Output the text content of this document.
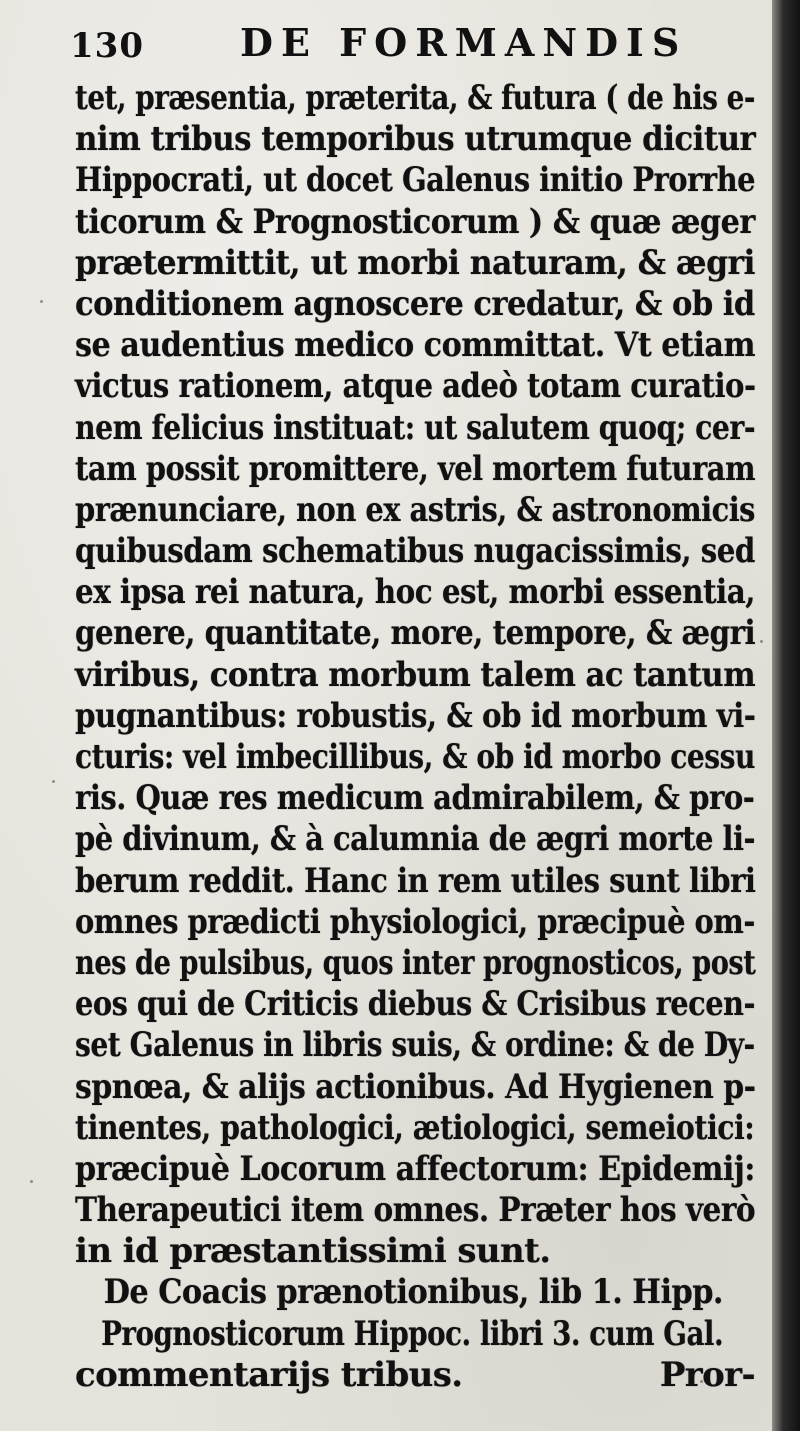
130	DE FORMANDIS
tet, præsentia, præterita, & futura ( de his e-
nim tribus temporibus utrumque dicitur
Hippocrati, ut docet Galenus initio Prorrhe
ticorum & Prognosticorum ) & quæ æger
prætermittit, ut morbi naturam, & ægri
conditionem agnoscere credatur, & ob id
se audentius medico committat. Vt etiam
victus rationem, atque adeò totam curatio-
nem felicius instituat: ut salutem quoq; cer-
tam possit promittere, vel mortem futuram
prænunciare, non ex astris, & astronomicis
quibusdam schematibus nugacissimis, sed
ex ipsa rei natura, hoc est, morbi essentia,
genere, quantitate, more, tempore, & ægri
viribus, contra morbum talem ac tantum
pugnantibus: robustis, & ob id morbum vi-
cturis: vel imbecillibus, & ob id morbo cessu
ris. Quæ res medicum admirabilem, & pro-
pè divinum, & à calumnia de ægri morte li-
berum reddit. Hanc in rem utiles sunt libri
omnes prædicti physiologici, præcipuè om-
nes de pulsibus, quos inter prognosticos, post
eos qui de Criticis diebus & Crisibus recen-
set Galenus in libris suis, & ordine: & de Dy-
spnœa, & alijs actionibus. Ad Hygienen p-
tinentes, pathologici, ætiologici, semeiotici:
præcipuè Locorum affectorum: Epidemij:
Therapeutici item omnes. Præter hos verò
in id præstantissimi sunt.
De Coacis prænotionibus, lib 1. Hipp.
Prognosticorum Hippoc. libri 3. cum Gal.
commentarijs tribus.	Pror-
